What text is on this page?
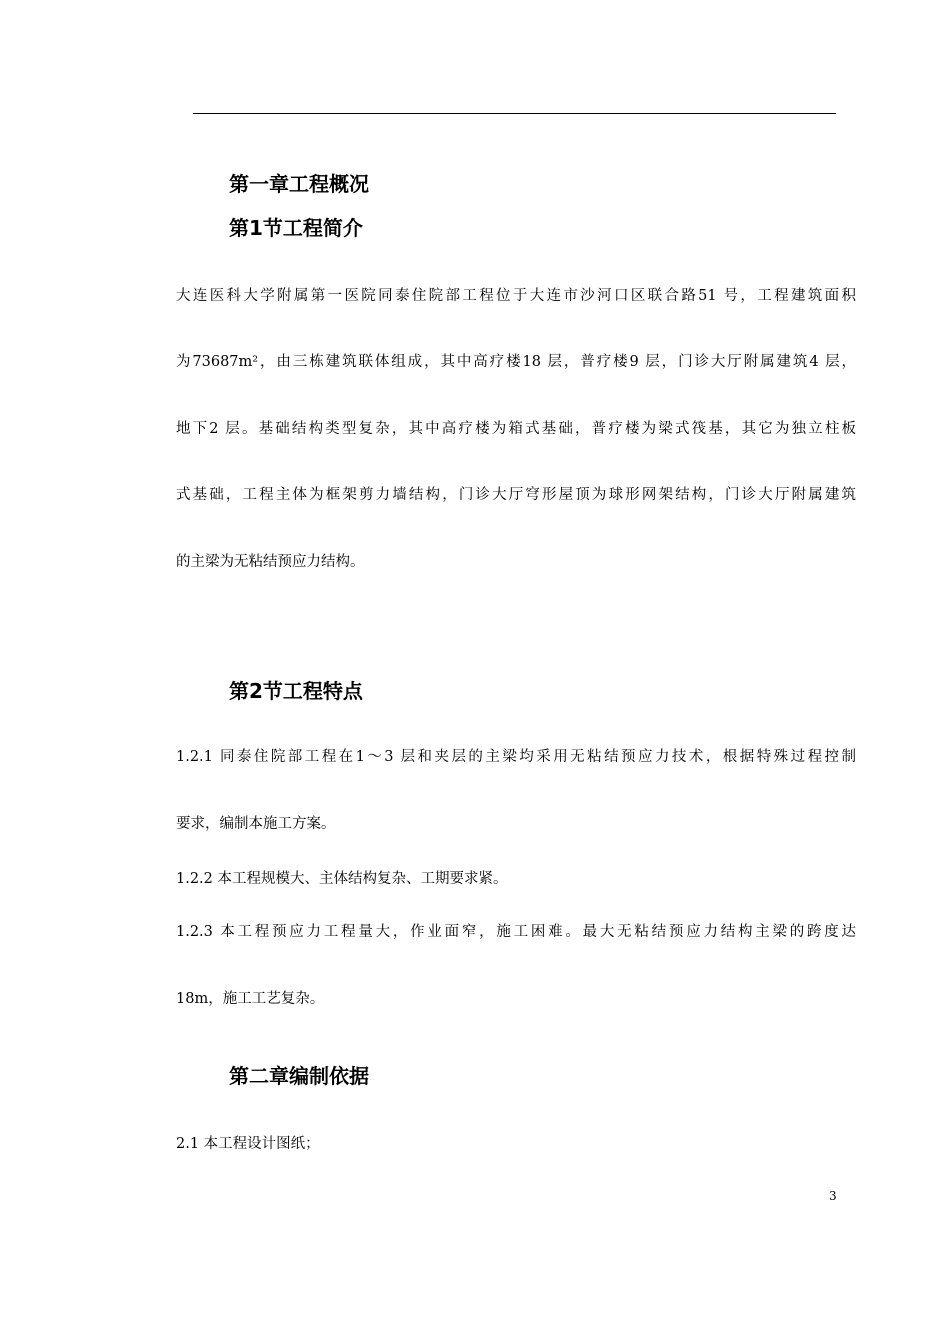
第一章工程概况
第1节工程简介

大连医科大学附属第一医院同泰住院部工程位于大连市沙河口区联合路51 号，工程建筑面积

为73687m²，由三栋建筑联体组成，其中高疗楼18 层，普疗楼9 层，门诊大厅附属建筑4 层，

地下2 层。基础结构类型复杂，其中高疗楼为箱式基础，普疗楼为梁式筏基，其它为独立柱板

式基础，工程主体为框架剪力墙结构，门诊大厅穹形屋顶为球形网架结构，门诊大厅附属建筑

的主梁为无粘结预应力结构。

第2节工程特点

1.2.1 同泰住院部工程在1～3 层和夹层的主梁均采用无粘结预应力技术，根据特殊过程控制

要求，编制本施工方案。

1.2.2 本工程规模大、主体结构复杂、工期要求紧。

1.2.3 本工程预应力工程量大，作业面窄，施工困难。最大无粘结预应力结构主梁的跨度达

18m，施工工艺复杂。

第二章编制依据

2.1 本工程设计图纸；

3
